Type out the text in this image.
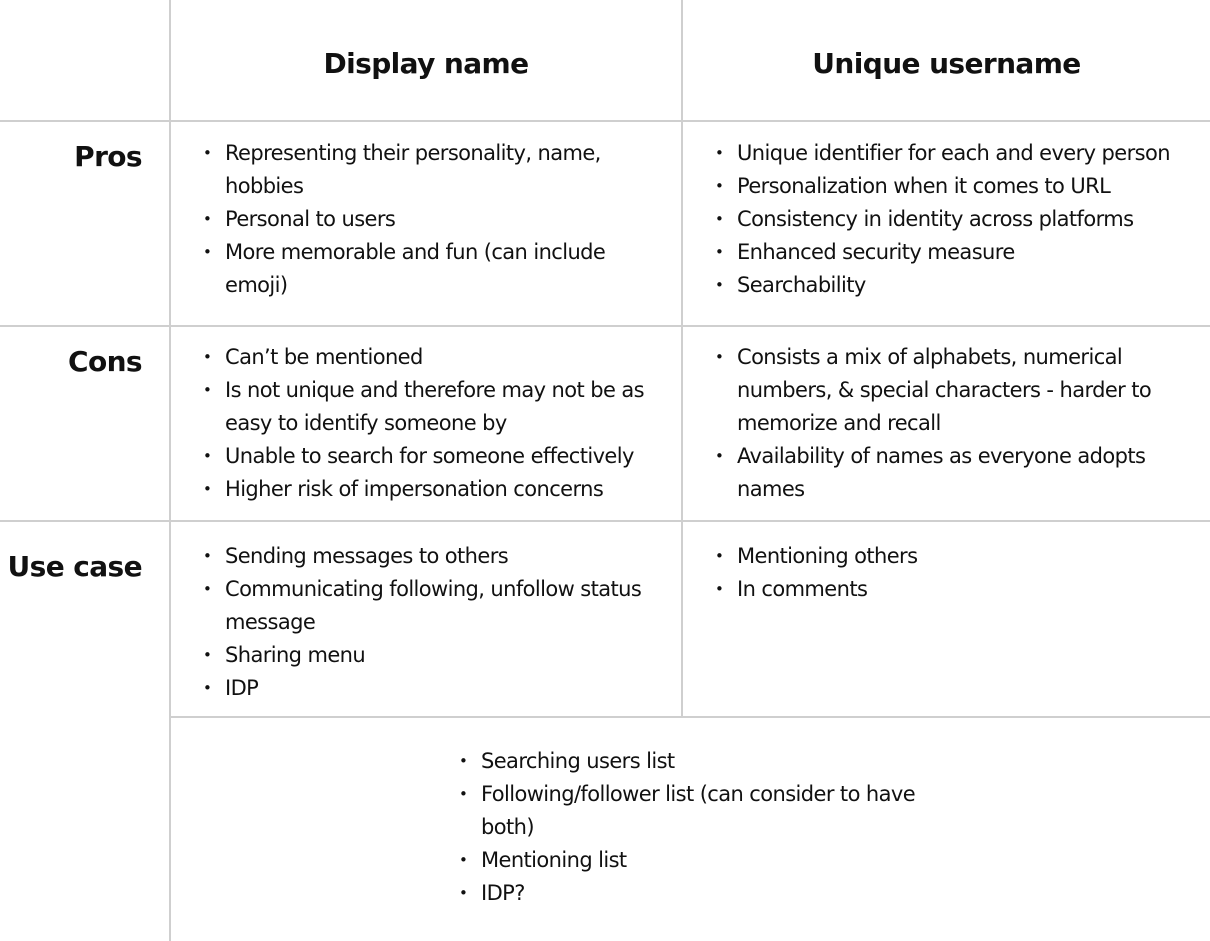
Display name	Unique username
Pros
Cons
Use case
• Representing their personality, name, hobbies
• Personal to users
• More memorable and fun (can include emoji)
• Unique identifier for each and every person
• Personalization when it comes to URL
• Consistency in identity across platforms
• Enhanced security measure
• Searchability
• Can’t be mentioned
• Is not unique and therefore may not be as easy to identify someone by
• Unable to search for someone effectively
• Higher risk of impersonation concerns
• Consists a mix of alphabets, numerical numbers, & special characters - harder to memorize and recall
• Availability of names as everyone adopts names
• Sending messages to others
• Communicating following, unfollow status message
• Sharing menu
• IDP
• Mentioning others
• In comments
• Searching users list
• Following/follower list (can consider to have both)
• Mentioning list
• IDP?
